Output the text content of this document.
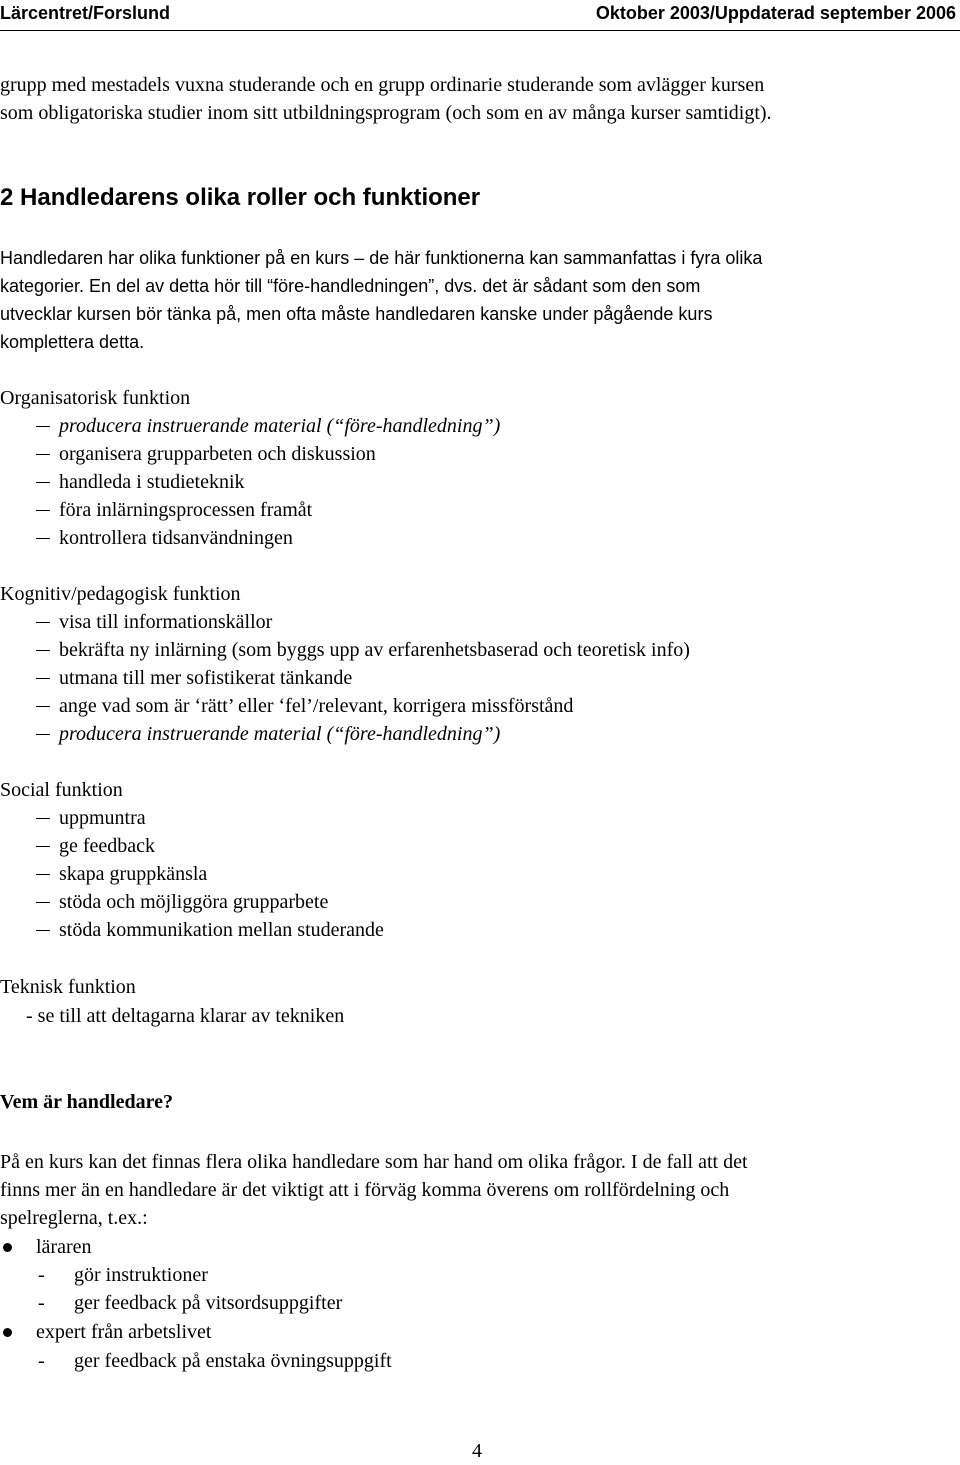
Lärcentret/Forslund	Oktober 2003/Uppdaterad september 2006
grupp med mestadels vuxna studerande och en grupp ordinarie studerande som avlägger kursen
som obligatoriska studier inom sitt utbildningsprogram (och som en av många kurser samtidigt).
2 Handledarens olika roller och funktioner
Handledaren har olika funktioner på en kurs – de här funktionerna kan sammanfattas i fyra olika
kategorier. En del av detta hör till “före-handledningen”, dvs. det är sådant som den som
utvecklar kursen bör tänka på, men ofta måste handledaren kanske under pågående kurs
komplettera detta.
Organisatorisk funktion
producera instruerande material (“före-handledning”)
organisera grupparbeten och diskussion
handleda i studieteknik
föra inlärningsprocessen framåt
kontrollera tidsanvändningen
Kognitiv/pedagogisk funktion
visa till informationskällor
bekräfta ny inlärning (som byggs upp av erfarenhetsbaserad och teoretisk info)
utmana till mer sofistikerat tänkande
ange vad som är ‘rätt’ eller ‘fel’/relevant, korrigera missförstånd
producera instruerande material (“före-handledning”)
Social funktion
uppmuntra
ge feedback
skapa gruppkänsla
stöda och möjliggöra grupparbete
stöda kommunikation mellan studerande
Teknisk funktion
- se till att deltagarna klarar av tekniken
Vem är handledare?
På en kurs kan det finnas flera olika handledare som har hand om olika frågor. I de fall att det
finns mer än en handledare är det viktigt att i förväg komma överens om rollfördelning och
spelreglerna, t.ex.:
läraren
- gör instruktioner
- ger feedback på vitsordsuppgifter
expert från arbetslivet
- ger feedback på enstaka övningsuppgift
4
